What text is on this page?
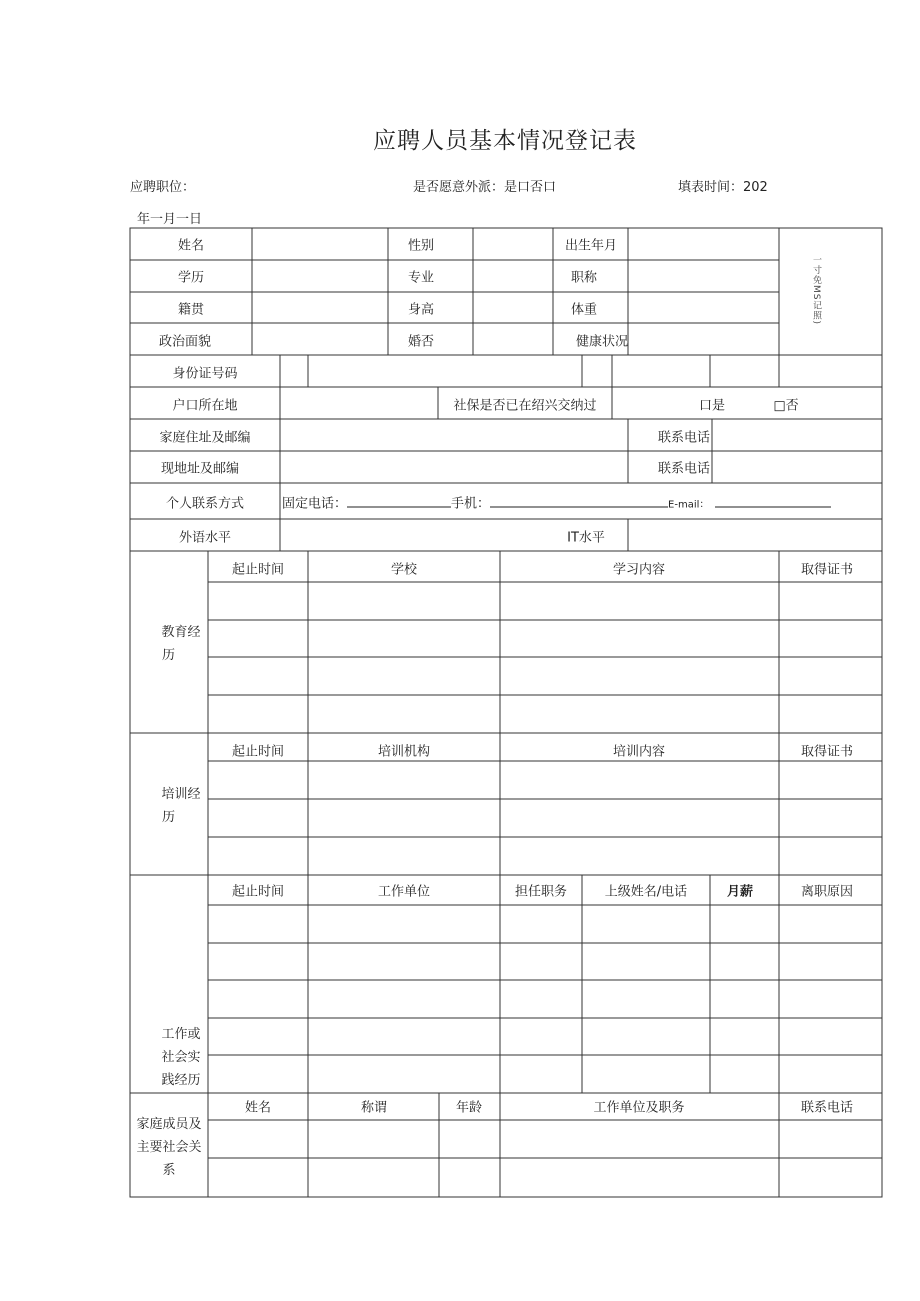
应聘人员基本情况登记表
应聘职位：	是否愿意外派：是口否口	填表时间：202
年一月一日
一寸免MS记照)
姓名	性别	出生年月
学历	专业	职称
籍贯	身高	体重
政治面貌	婚否	健康状况
身份证号码
户口所在地	社保是否已在绍兴交纳过	口是	□否
家庭住址及邮编	联系电话
现地址及邮编	联系电话
个人联系方式	固定电话：	手机：	E-mail：
外语水平	IT水平
教育经
历
起止时间	学校	学习内容	取得证书
培训经
历
起止时间	培训机构	培训内容	取得证书
工作或
社会实
践经历
起止时间	工作单位	担任职务	上级姓名/电话	月薪	离职原因
家庭成员及
主要社会关
系
姓名	称谓	年龄	工作单位及职务	联系电话
